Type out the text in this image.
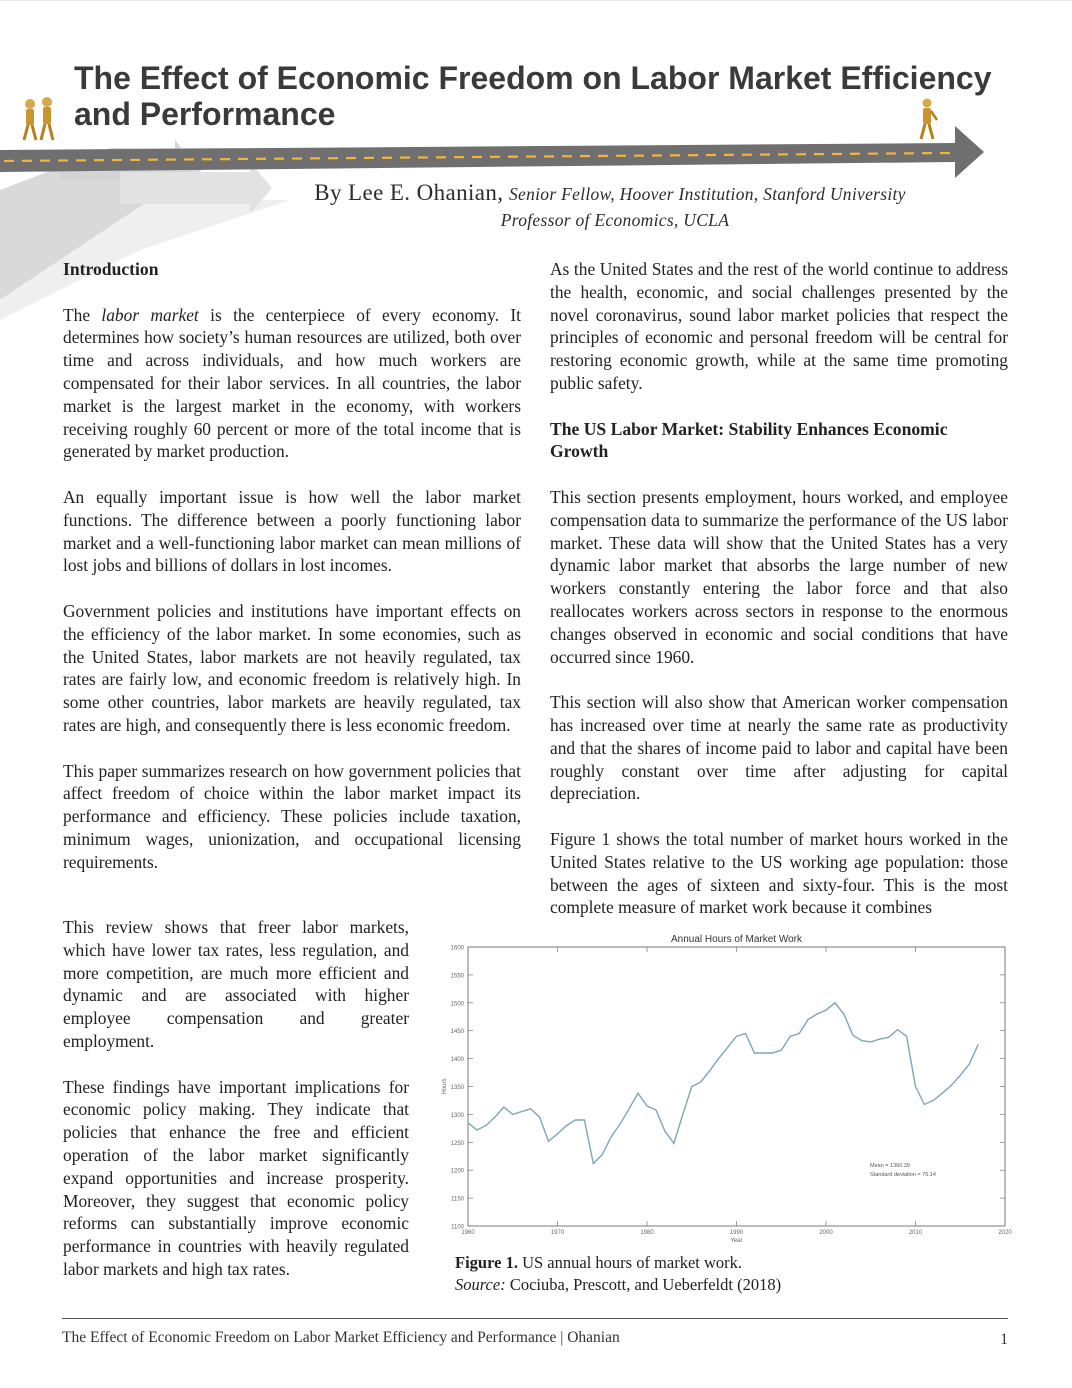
The Effect of Economic Freedom on Labor Market Efficiency and Performance
By Lee E. Ohanian, Senior Fellow, Hoover Institution, Stanford University
Professor of Economics, UCLA
Introduction

The labor market is the centerpiece of every economy. It determines how society’s human resources are utilized, both over time and across individuals, and how much workers are compensated for their labor services. In all countries, the labor market is the largest market in the economy, with workers receiving roughly 60 percent or more of the total income that is generated by market production.

An equally important issue is how well the labor market functions. The difference between a poorly functioning labor market and a well-functioning labor market can mean millions of lost jobs and billions of dollars in lost incomes.

Government policies and institutions have important effects on the efficiency of the labor market. In some economies, such as the United States, labor markets are not heavily regulated, tax rates are fairly low, and economic freedom is relatively high. In some other countries, labor markets are heavily regulated, tax rates are high, and consequently there is less economic freedom.

This paper summarizes research on how government policies that affect freedom of choice within the labor market impact its performance and efficiency. These policies include taxation, minimum wages, unionization, and occupational licensing requirements.

This review shows that freer labor markets, which have lower tax rates, less regulation, and more competition, are much more efficient and dynamic and are associated with higher employee compensation and greater employment.

These findings have important implications for economic policy making. They indicate that policies that enhance the free and efficient operation of the labor market significantly expand opportunities and increase prosperity. Moreover, they suggest that economic policy reforms can substantially improve economic performance in countries with heavily regulated labor markets and high tax rates.

As the United States and the rest of the world continue to address the health, economic, and social challenges presented by the novel coronavirus, sound labor market policies that respect the principles of economic and personal freedom will be central for restoring economic growth, while at the same time promoting public safety.

The US Labor Market: Stability Enhances Economic Growth

This section presents employment, hours worked, and employee compensation data to summarize the performance of the US labor market. These data will show that the United States has a very dynamic labor market that absorbs the large number of new workers constantly entering the labor force and that also reallocates workers across sectors in response to the enormous changes observed in economic and social conditions that have occurred since 1960.

This section will also show that American worker compensation has increased over time at nearly the same rate as productivity and that the shares of income paid to labor and capital have been roughly constant over time after adjusting for capital depreciation.

Figure 1 shows the total number of market hours worked in the United States relative to the US working age population: those between the ages of sixteen and sixty-four. This is the most complete measure of market work because it combines

Annual Hours of Market Work
1100
1150
1200
1250
1300
1350
1400
1450
1500
1550
1600
1960	1970	1980	1990	2000	2010	2020
Year
Hours
Mean = 1360.39
Standard deviation = 76.14
Figure 1. US annual hours of market work.
Source: Cociuba, Prescott, and Ueberfeldt (2018)
The Effect of Economic Freedom on Labor Market Efficiency and Performance | Ohanian	1
